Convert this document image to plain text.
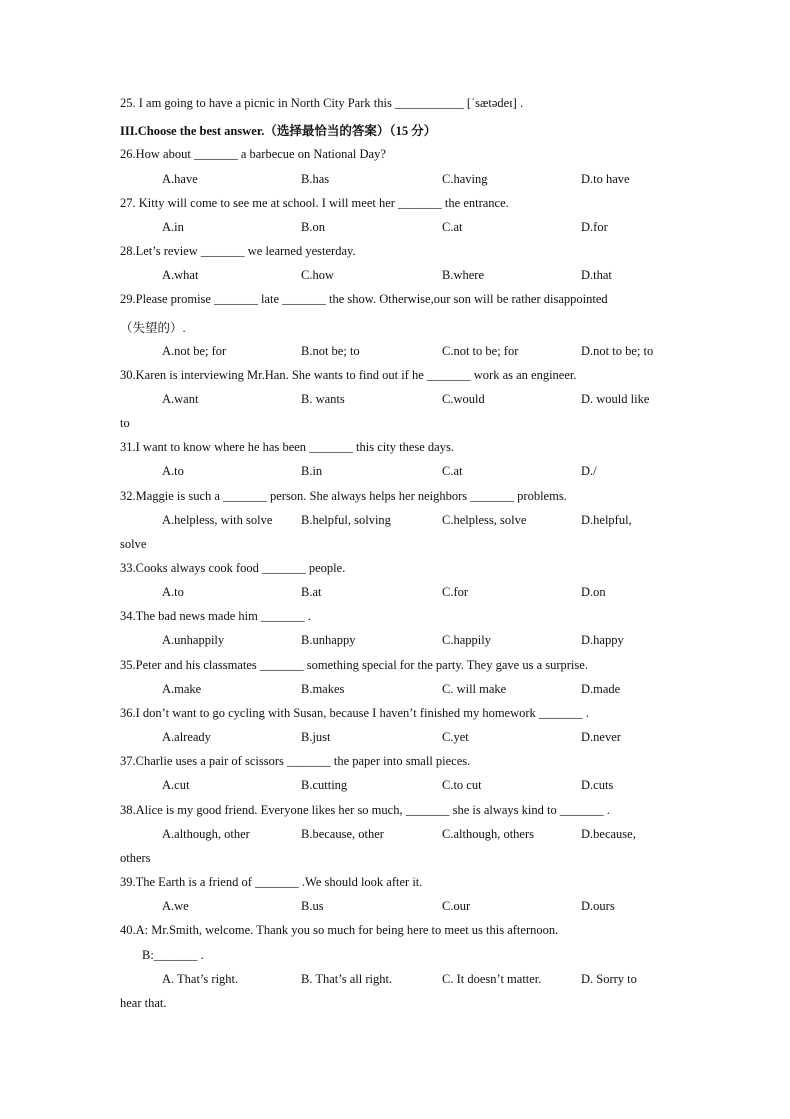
25. I am going to have a picnic in North City Park this ___________ [ˈsætədeɪ] .
III.Choose the best answer.（选择最恰当的答案）（15 分）
26.How about _______ a barbecue on National Day?
A.have	B.has	C.having	D.to have
27. Kitty will come to see me at school. I will meet her _______ the entrance.
A.in	B.on	C.at	D.for
28.Let’s review _______ we learned yesterday.
A.what	C.how	B.where	D.that
29.Please promise _______ late _______ the show. Otherwise,our son will be rather disappointed
（失望的）.
A.not be; for	B.not be; to	C.not to be; for	D.not to be; to
30.Karen is interviewing Mr.Han. She wants to find out if he _______ work as an engineer.
A.want	B. wants	C.would	D. would like
to
31.I want to know where he has been _______ this city these days.
A.to	B.in	C.at	D./
32.Maggie is such a _______ person. She always helps her neighbors _______ problems.
A.helpless, with solve B.helpful, solving	C.helpless, solve	D.helpful,
solve
33.Cooks always cook food _______ people.
A.to	B.at	C.for	D.on
34.The bad news made him _______ .
A.unhappily	B.unhappy	C.happily	D.happy
35.Peter and his classmates _______ something special for the party. They gave us a surprise.
A.make	B.makes	C. will make	D.made
36.I don’t want to go cycling with Susan, because I haven’t finished my homework _______ .
A.already	B.just	C.yet	D.never
37.Charlie uses a pair of scissors _______ the paper into small pieces.
A.cut	B.cutting	C.to cut	D.cuts
38.Alice is my good friend. Everyone likes her so much, _______ she is always kind to _______ .
A.although, other	B.because, other	C.although, others	D.because,
others
39.The Earth is a friend of _______ .We should look after it.
A.we	B.us	C.our	D.ours
40.A: Mr.Smith, welcome. Thank you so much for being here to meet us this afternoon.
B:_______ .
A. That’s right.	B. That’s all right.	C. It doesn’t matter.	D. Sorry to
hear that.
